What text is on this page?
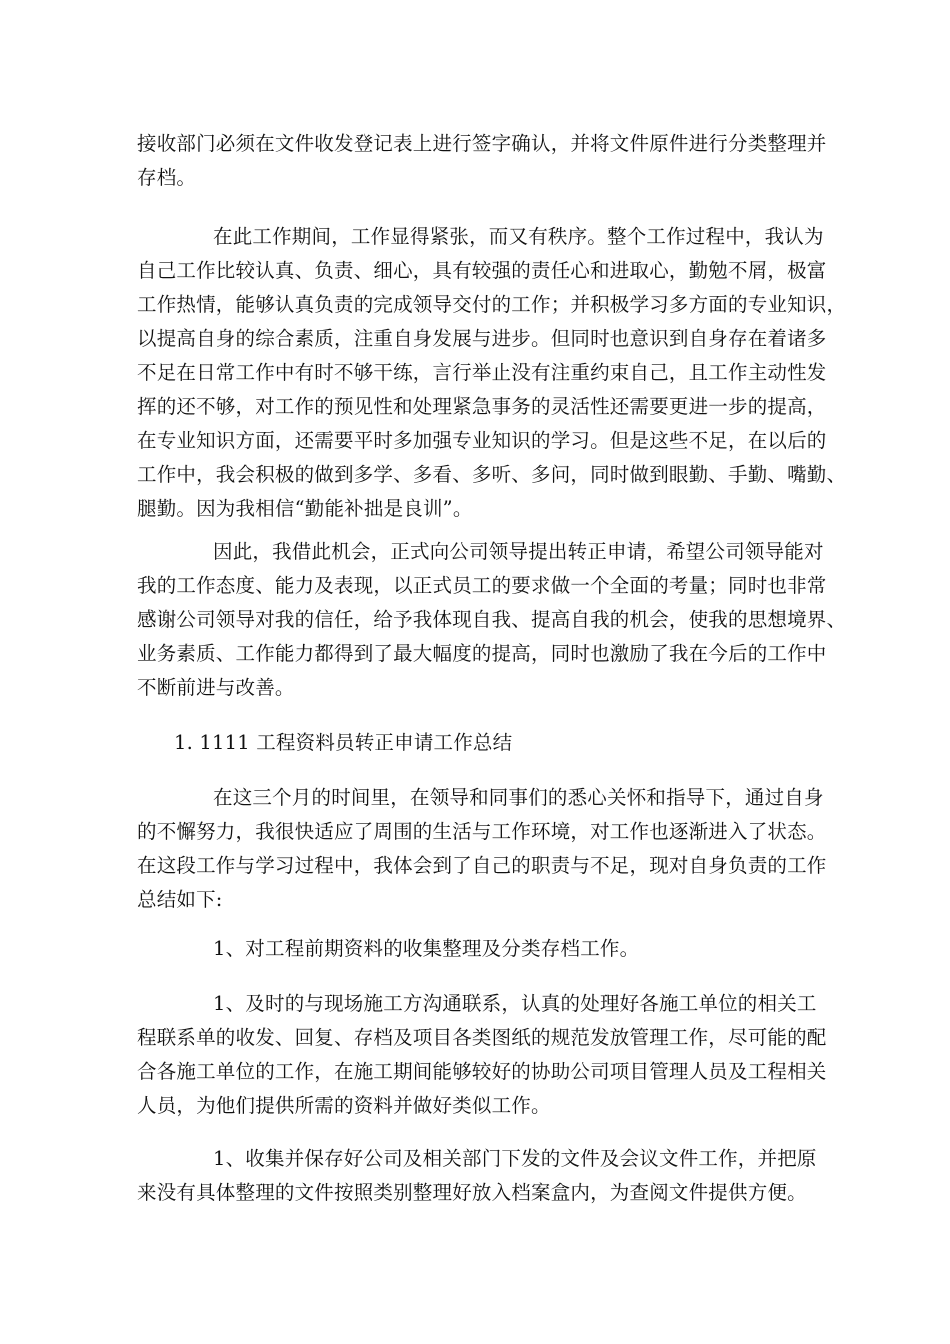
接收部门必须在文件收发登记表上进行签字确认，并将文件原件进行分类整理并
存档。
在此工作期间，工作显得紧张，而又有秩序。整个工作过程中，我认为
自己工作比较认真、负责、细心，具有较强的责任心和进取心，勤勉不屑，极富
工作热情，能够认真负责的完成领导交付的工作；并积极学习多方面的专业知识，
以提高自身的综合素质，注重自身发展与进步。但同时也意识到自身存在着诸多
不足在日常工作中有时不够干练，言行举止没有注重约束自己，且工作主动性发
挥的还不够，对工作的预见性和处理紧急事务的灵活性还需要更进一步的提高，
在专业知识方面，还需要平时多加强专业知识的学习。但是这些不足，在以后的
工作中，我会积极的做到多学、多看、多听、多问，同时做到眼勤、手勤、嘴勤、
腿勤。因为我相信“勤能补拙是良训”。
因此，我借此机会，正式向公司领导提出转正申请，希望公司领导能对
我的工作态度、能力及表现，以正式员工的要求做一个全面的考量；同时也非常
感谢公司领导对我的信任，给予我体现自我、提高自我的机会，使我的思想境界、
业务素质、工作能力都得到了最大幅度的提高，同时也激励了我在今后的工作中
不断前进与改善。
1. 1111 工程资料员转正申请工作总结
在这三个月的时间里，在领导和同事们的悉心关怀和指导下，通过自身
的不懈努力，我很快适应了周围的生活与工作环境，对工作也逐渐进入了状态。
在这段工作与学习过程中，我体会到了自己的职责与不足，现对自身负责的工作
总结如下:
1、对工程前期资料的收集整理及分类存档工作。
1、及时的与现场施工方沟通联系，认真的处理好各施工单位的相关工
程联系单的收发、回复、存档及项目各类图纸的规范发放管理工作，尽可能的配
合各施工单位的工作，在施工期间能够较好的协助公司项目管理人员及工程相关
人员，为他们提供所需的资料并做好类似工作。
1、收集并保存好公司及相关部门下发的文件及会议文件工作，并把原
来没有具体整理的文件按照类别整理好放入档案盒内，为查阅文件提供方便。
